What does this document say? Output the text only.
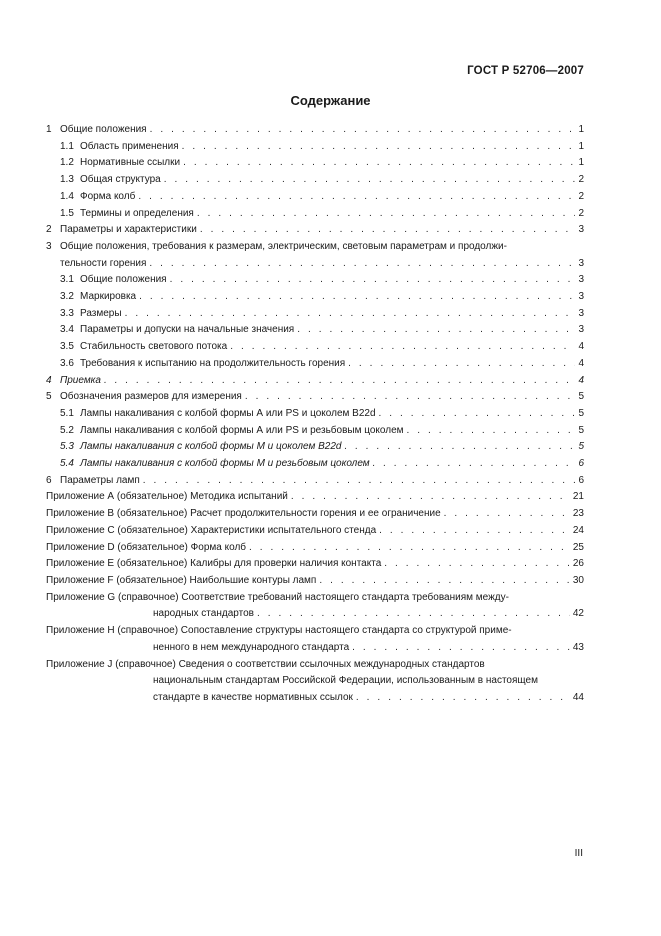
ГОСТ Р 52706—2007
Содержание
1 Общие положения . . .	1
1.1 Область применения . . .	1
1.2 Нормативные ссылки . . .	1
1.3 Общая структура . . .	2
1.4 Форма колб . . .	2
1.5 Термины и определения . . .	2
2 Параметры и характеристики . . .	3
3 Общие положения, требования к размерам, электрическим, световым параметрам и продолжи-
тельности горения . . .	3
3.1 Общие положения . . .	3
3.2 Маркировка . . .	3
3.3 Размеры . . .	3
3.4 Параметры и допуски на начальные значения . . .	3
3.5 Стабильность светового потока . . .	4
3.6 Требования к испытанию на продолжительность горения . . .	4
4 Приемка . . .	4
5 Обозначения размеров для измерения . . .	5
5.1 Лампы накаливания с колбой формы А или PS и цоколем B22d . . .	5
5.2 Лампы накаливания с колбой формы А или PS и резьбовым цоколем . . .	5
5.3 Лампы накаливания с колбой формы М и цоколем B22d . . .	5
5.4 Лампы накаливания с колбой формы М и резьбовым цоколем . . .	6
6 Параметры ламп . . .	6
Приложение А (обязательное) Методика испытаний . . .	21
Приложение В (обязательное) Расчет продолжительности горения и ее ограничение . . .	23
Приложение С (обязательное) Характеристики испытательного стенда . . .	24
Приложение D (обязательное) Форма колб . . .	25
Приложение Е (обязательное) Калибры для проверки наличия контакта . . .	26
Приложение F (обязательное) Наибольшие контуры ламп . . .	30
Приложение G (справочное) Соответствие требований настоящего стандарта требованиям между-
народных стандартов . . .	42
Приложение Н (справочное) Сопоставление структуры настоящего стандарта со структурой приме-
ненного в нем международного стандарта . . .	43
Приложение J (справочное) Сведения о соответствии ссылочных международных стандартов
национальным стандартам Российской Федерации, использованным в настоящем
стандарте в качестве нормативных ссылок . . .	44
III
